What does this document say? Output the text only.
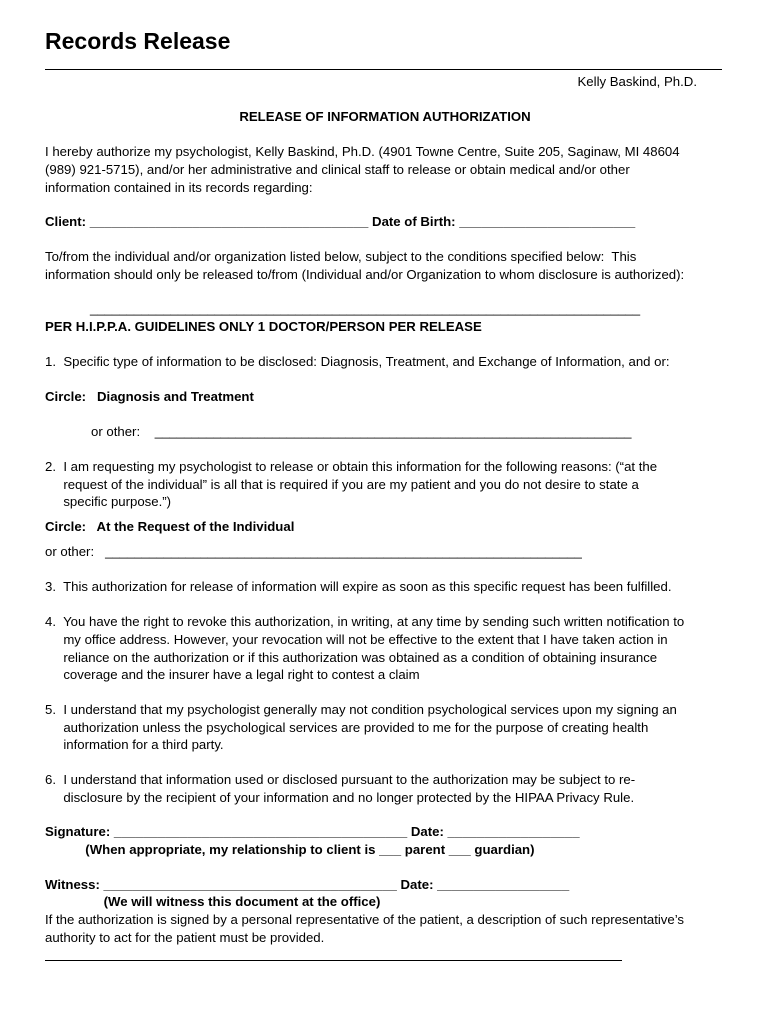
Records Release
Kelly Baskind, Ph.D.
RELEASE OF INFORMATION AUTHORIZATION
I hereby authorize my psychologist, Kelly Baskind, Ph.D. (4901 Towne Centre, Suite 205, Saginaw, MI 48604
(989) 921-5715), and/or her administrative and clinical staff to release or obtain medical and/or other
information contained in its records regarding:
Client: ______________________________________ Date of Birth: ________________________
To/from the individual and/or organization listed below, subject to the conditions specified below:  This
information should only be released to/from (Individual and/or Organization to whom disclosure is authorized):
___________________________________________________________________________
PER H.I.P.P.A. GUIDELINES ONLY 1 DOCTOR/PERSON PER RELEASE
1.  Specific type of information to be disclosed: Diagnosis, Treatment, and Exchange of Information, and or:
Circle:   Diagnosis and Treatment
or other:    _________________________________________________________________
2.  I am requesting my psychologist to release or obtain this information for the following reasons: (“at the
request of the individual” is all that is required if you are my patient and you do not desire to state a
specific purpose.”)
Circle:   At the Request of the Individual
or other:   _________________________________________________________________
3.  This authorization for release of information will expire as soon as this specific request has been fulfilled.
4.  You have the right to revoke this authorization, in writing, at any time by sending such written notification to
my office address. However, your revocation will not be effective to the extent that I have taken action in
reliance on the authorization or if this authorization was obtained as a condition of obtaining insurance
coverage and the insurer have a legal right to contest a claim
5.  I understand that my psychologist generally may not condition psychological services upon my signing an
authorization unless the psychological services are provided to me for the purpose of creating health
information for a third party.
6.  I understand that information used or disclosed pursuant to the authorization may be subject to re-
disclosure by the recipient of your information and no longer protected by the HIPAA Privacy Rule.
Signature: ________________________________________ Date: __________________
(When appropriate, my relationship to client is ___ parent ___ guardian)
Witness: ________________________________________ Date: __________________
(We will witness this document at the office)
If the authorization is signed by a personal representative of the patient, a description of such representative’s
authority to act for the patient must be provided.
